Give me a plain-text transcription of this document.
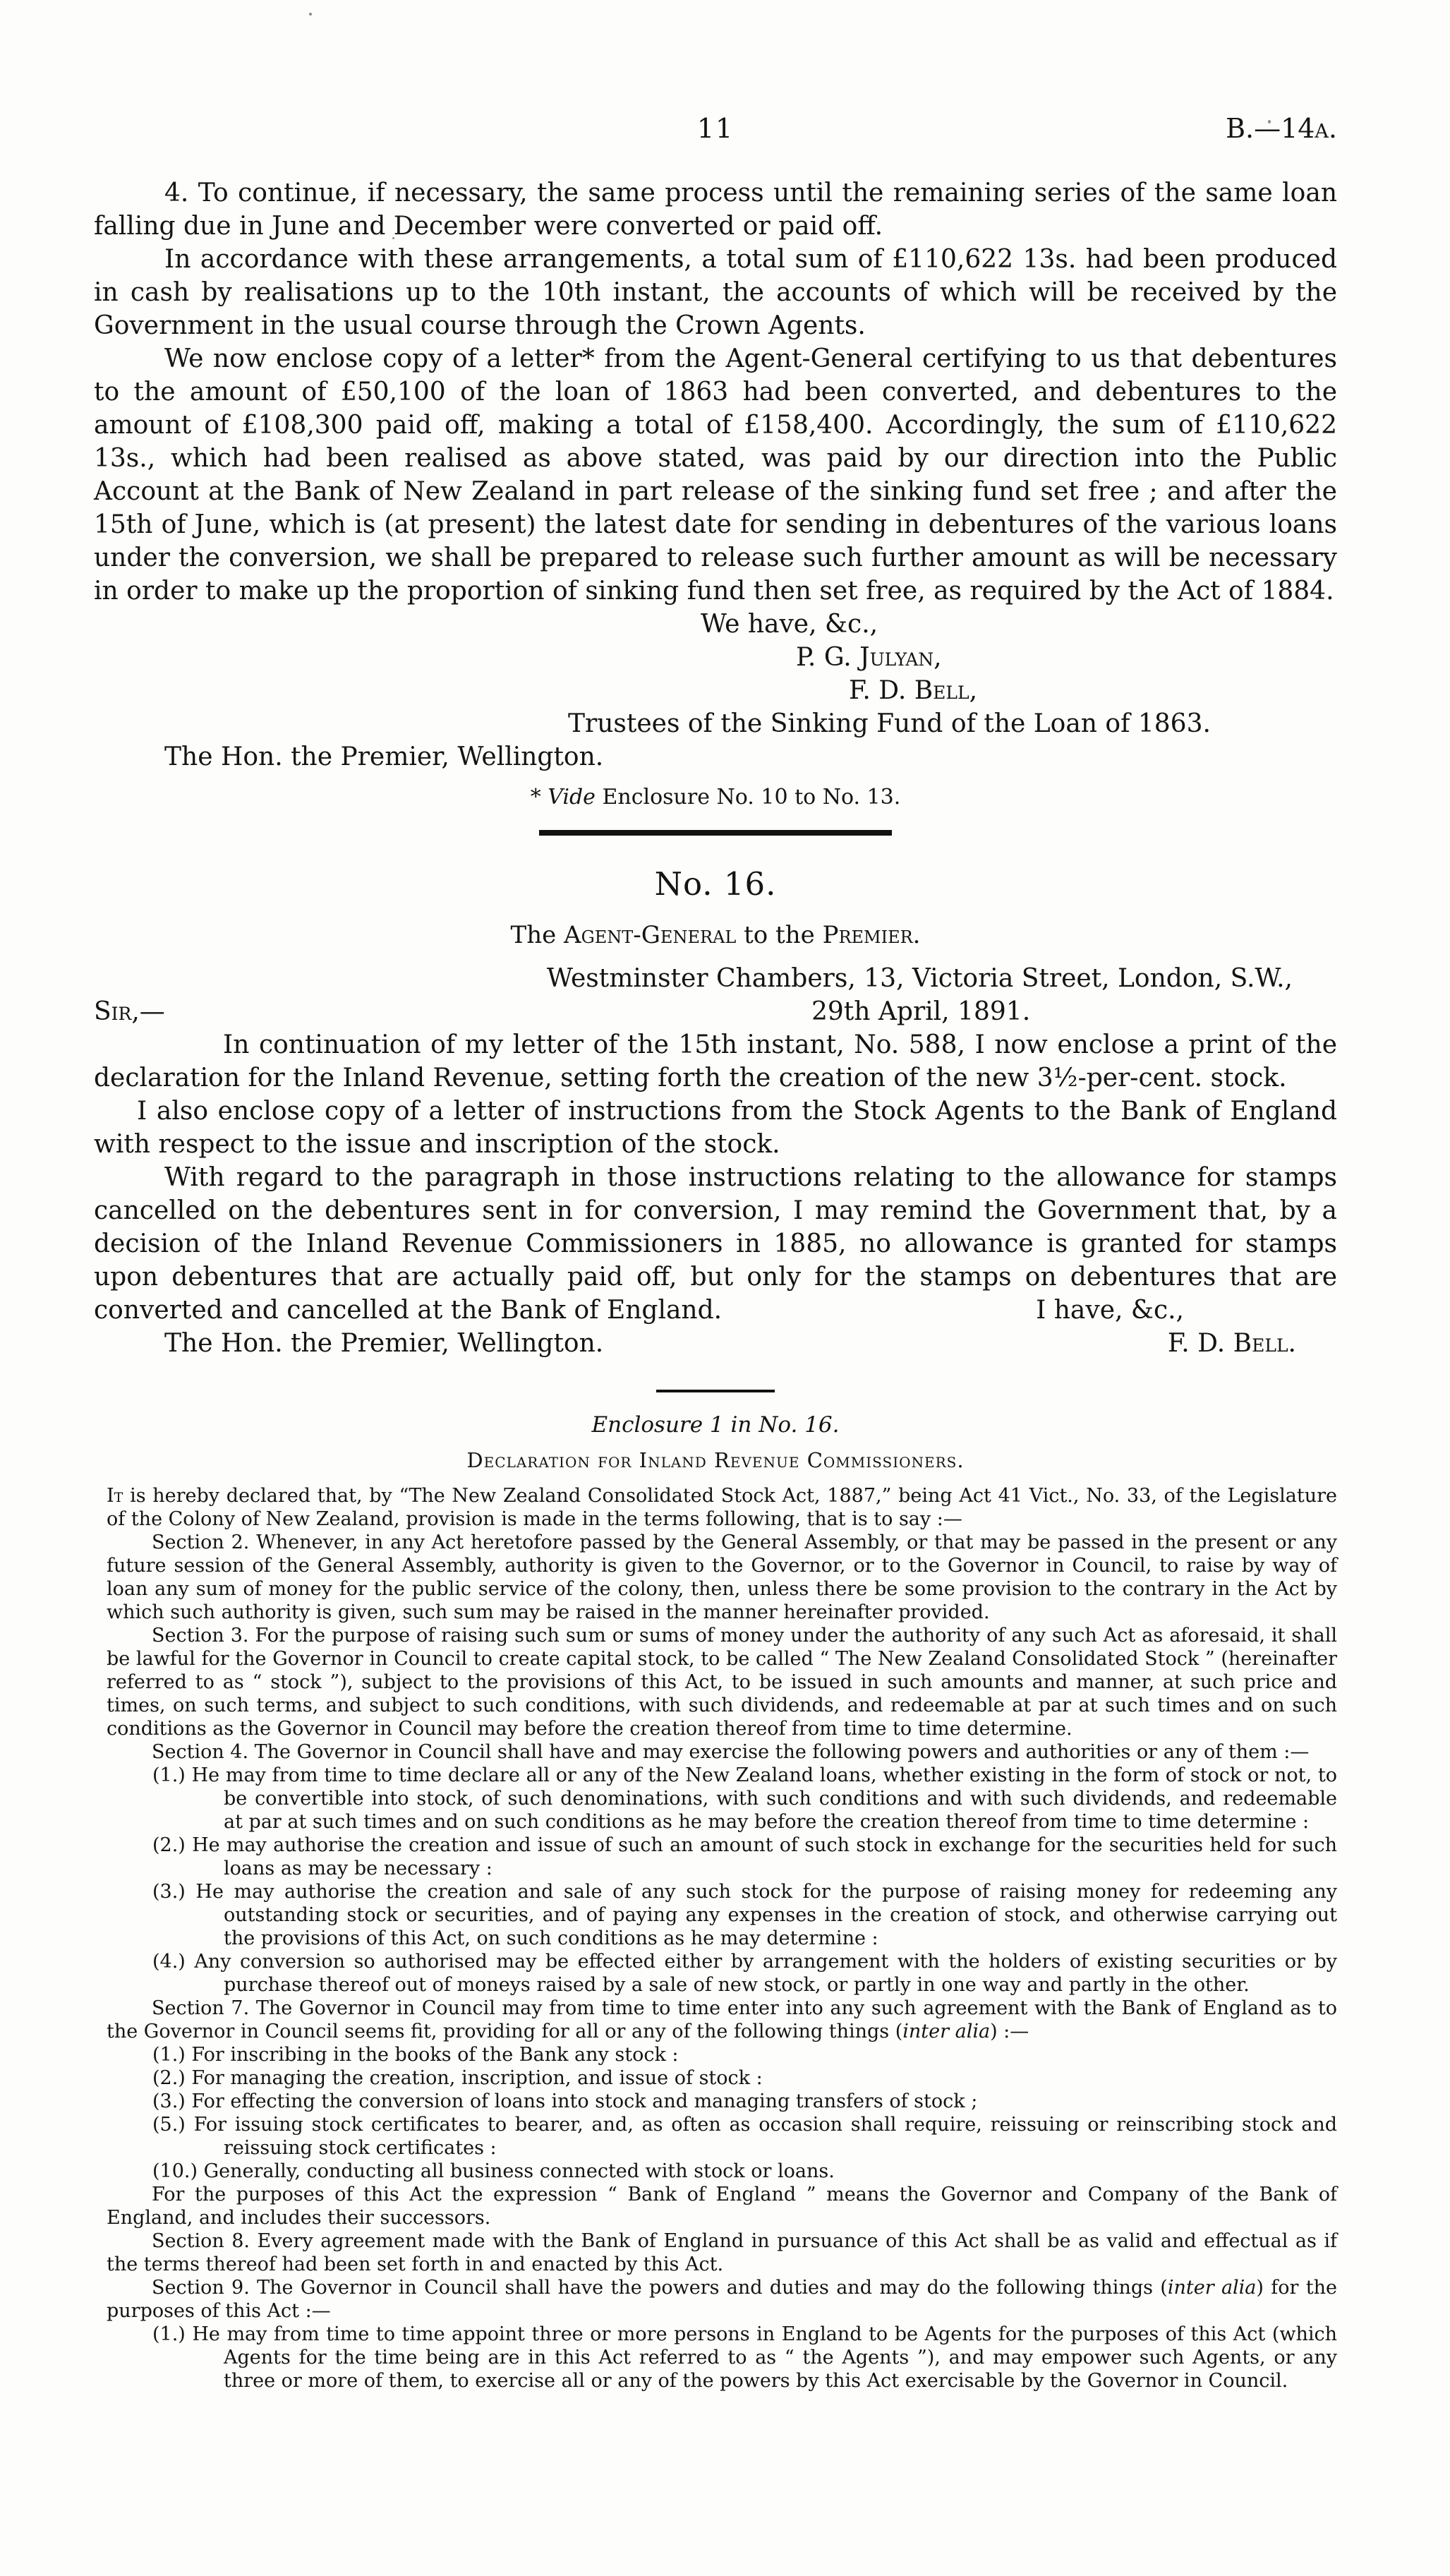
11	B.—14a.

4. To continue, if necessary, the same process until the remaining series of the same loan falling due in June and December were converted or paid off.

In accordance with these arrangements, a total sum of £110,622 13s. had been produced in cash by realisations up to the 10th instant, the accounts of which will be received by the Government in the usual course through the Crown Agents.

We now enclose copy of a letter* from the Agent-General certifying to us that debentures to the amount of £50,100 of the loan of 1863 had been converted, and debentures to the amount of £108,300 paid off, making a total of £158,400. Accordingly, the sum of £110,622 13s., which had been realised as above stated, was paid by our direction into the Public Account at the Bank of New Zealand in part release of the sinking fund set free ; and after the 15th of June, which is (at present) the latest date for sending in debentures of the various loans under the conversion, we shall be prepared to release such further amount as will be necessary in order to make up the proportion of sinking fund then set free, as required by the Act of 1884.

We have, &c.,

P. G. Julyan,

F. D. Bell,

Trustees of the Sinking Fund of the Loan of 1863.

The Hon. the Premier, Wellington.
* Vide Enclosure No. 10 to No. 13.
No. 16.
The Agent-General to the Premier.
Westminster Chambers, 13, Victoria Street, London, S.W.,
Sir,—	29th April, 1891.

In continuation of my letter of the 15th instant, No. 588, I now enclose a print of the declaration for the Inland Revenue, setting forth the creation of the new 3½-per-cent. stock.

I also enclose copy of a letter of instructions from the Stock Agents to the Bank of England with respect to the issue and inscription of the stock.

With regard to the paragraph in those instructions relating to the allowance for stamps cancelled on the debentures sent in for conversion, I may remind the Government that, by a decision of the Inland Revenue Commissioners in 1885, no allowance is granted for stamps upon debentures that are actually paid off, but only for the stamps on debentures that are converted and cancelled at the Bank of England.	I have, &c.,

The Hon. the Premier, Wellington.	F. D. Bell.
Enclosure 1 in No. 16.
Declaration for Inland Revenue Commissioners.

It is hereby declared that, by “The New Zealand Consolidated Stock Act, 1887,” being Act 41 Vict., No. 33, of the Legislature of the Colony of New Zealand, provision is made in the terms following, that is to say :—

Section 2. Whenever, in any Act heretofore passed by the General Assembly, or that may be passed in the present or any future session of the General Assembly, authority is given to the Governor, or to the Governor in Council, to raise by way of loan any sum of money for the public service of the colony, then, unless there be some provision to the contrary in the Act by which such authority is given, such sum may be raised in the manner hereinafter provided.

Section 3. For the purpose of raising such sum or sums of money under the authority of any such Act as aforesaid, it shall be lawful for the Governor in Council to create capital stock, to be called “ The New Zealand Consolidated Stock ” (hereinafter referred to as “ stock ”), subject to the provisions of this Act, to be issued in such amounts and manner, at such price and times, on such terms, and subject to such conditions, with such dividends, and redeemable at par at such times and on such conditions as the Governor in Council may before the creation thereof from time to time determine.

Section 4. The Governor in Council shall have and may exercise the following powers and authorities or any of them :—

(1.) He may from time to time declare all or any of the New Zealand loans, whether existing in the form of stock or not, to be convertible into stock, of such denominations, with such conditions and with such dividends, and redeemable at par at such times and on such conditions as he may before the creation thereof from time to time determine :
(2.) He may authorise the creation and issue of such an amount of such stock in exchange for the securities held for such loans as may be necessary :
(3.) He may authorise the creation and sale of any such stock for the purpose of raising money for redeeming any outstanding stock or securities, and of paying any expenses in the creation of stock, and otherwise carrying out the provisions of this Act, on such conditions as he may determine :
(4.) Any conversion so authorised may be effected either by arrangement with the holders of existing securities or by purchase thereof out of moneys raised by a sale of new stock, or partly in one way and partly in the other.

Section 7. The Governor in Council may from time to time enter into any such agreement with the Bank of England as to the Governor in Council seems fit, providing for all or any of the following things (inter alia) :—

(1.) For inscribing in the books of the Bank any stock :
(2.) For managing the creation, inscription, and issue of stock :
(3.) For effecting the conversion of loans into stock and managing transfers of stock ;
(5.) For issuing stock certificates to bearer, and, as often as occasion shall require, reissuing or reinscribing stock and reissuing stock certificates :
(10.) Generally, conducting all business connected with stock or loans.

For the purposes of this Act the expression “ Bank of England ” means the Governor and Company of the Bank of England, and includes their successors.

Section 8. Every agreement made with the Bank of England in pursuance of this Act shall be as valid and effectual as if the terms thereof had been set forth in and enacted by this Act.

Section 9. The Governor in Council shall have the powers and duties and may do the following things (inter alia) for the purposes of this Act :—

(1.) He may from time to time appoint three or more persons in England to be Agents for the purposes of this Act (which Agents for the time being are in this Act referred to as “ the Agents ”), and may empower such Agents, or any three or more of them, to exercise all or any of the powers by this Act exercisable by the Governor in Council.
